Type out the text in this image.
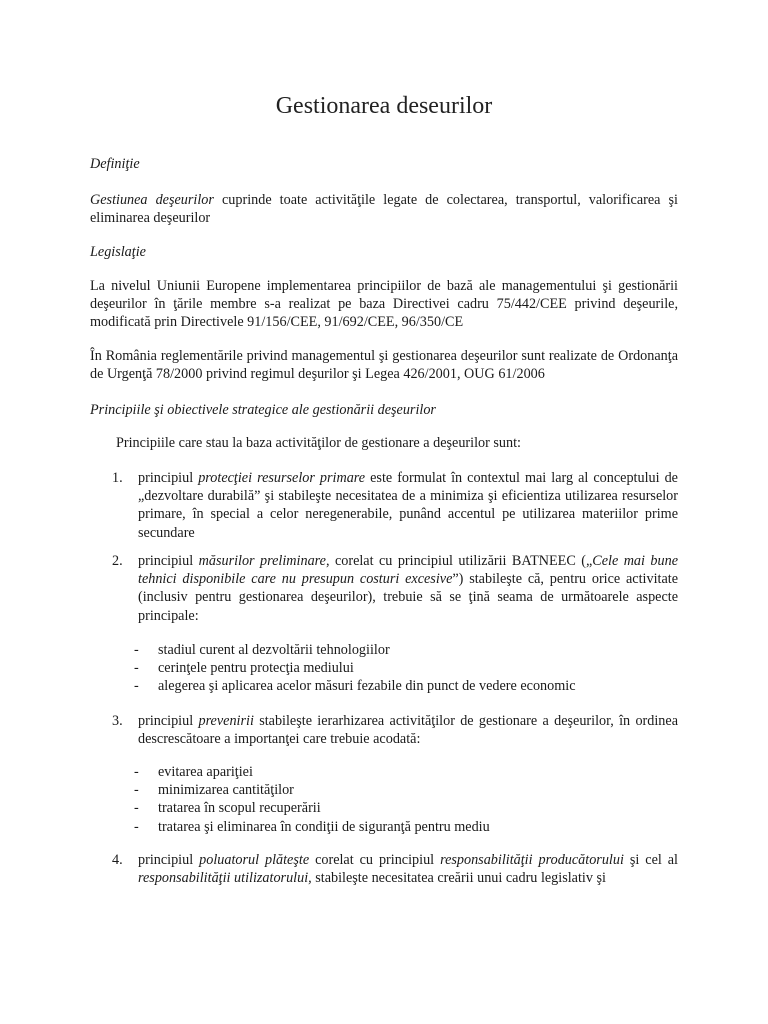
Gestionarea deseurilor
Definiţie
Gestiunea deşeurilor cuprinde toate activităţile legate de colectarea, transportul, valorificarea şi eliminarea deşeurilor
Legislaţie
La nivelul Uniunii Europene implementarea principiilor de bază ale managementului şi gestionării deşeurilor în ţările membre s-a realizat pe baza Directivei cadru 75/442/CEE privind deşeurile, modificată prin Directivele 91/156/CEE, 91/692/CEE, 96/350/CE
În România reglementările privind managementul şi gestionarea deşeurilor sunt realizate de Ordonanţa de Urgenţă 78/2000 privind regimul deşurilor şi Legea 426/2001, OUG 61/2006
Principiile şi obiectivele strategice ale gestionării deşeurilor
Principiile care stau la baza activităţilor de gestionare a deşeurilor sunt:
1. principiul protecţiei resurselor primare este formulat în contextul mai larg al conceptului de „dezvoltare durabilă” şi stabileşte necesitatea de a minimiza şi eficientiza utilizarea resurselor primare, în special a celor neregenerabile, punând accentul pe utilizarea materiilor prime secundare
2. principiul măsurilor preliminare, corelat cu principiul utilizării BATNEEC („Cele mai bune tehnici disponibile care nu presupun costuri excesive”) stabileşte că, pentru orice activitate (inclusiv pentru gestionarea deşeurilor), trebuie să se ţină seama de următoarele aspecte principale:
- stadiul curent al dezvoltării tehnologiilor
- cerinţele pentru protecţia mediului
- alegerea şi aplicarea acelor măsuri fezabile din punct de vedere economic
3. principiul prevenirii stabileşte ierarhizarea activităţilor de gestionare a deşeurilor, în ordinea descrescătoare a importanţei care trebuie acodată:
- evitarea apariţiei
- minimizarea cantităţilor
- tratarea în scopul recuperării
- tratarea şi eliminarea în condiţii de siguranţă pentru mediu
4. principiul poluatorul plăteşte corelat cu principiul responsabilităţii producătorului şi cel al responsabilităţii utilizatorului, stabileşte necesitatea creării unui cadru legislativ şi
